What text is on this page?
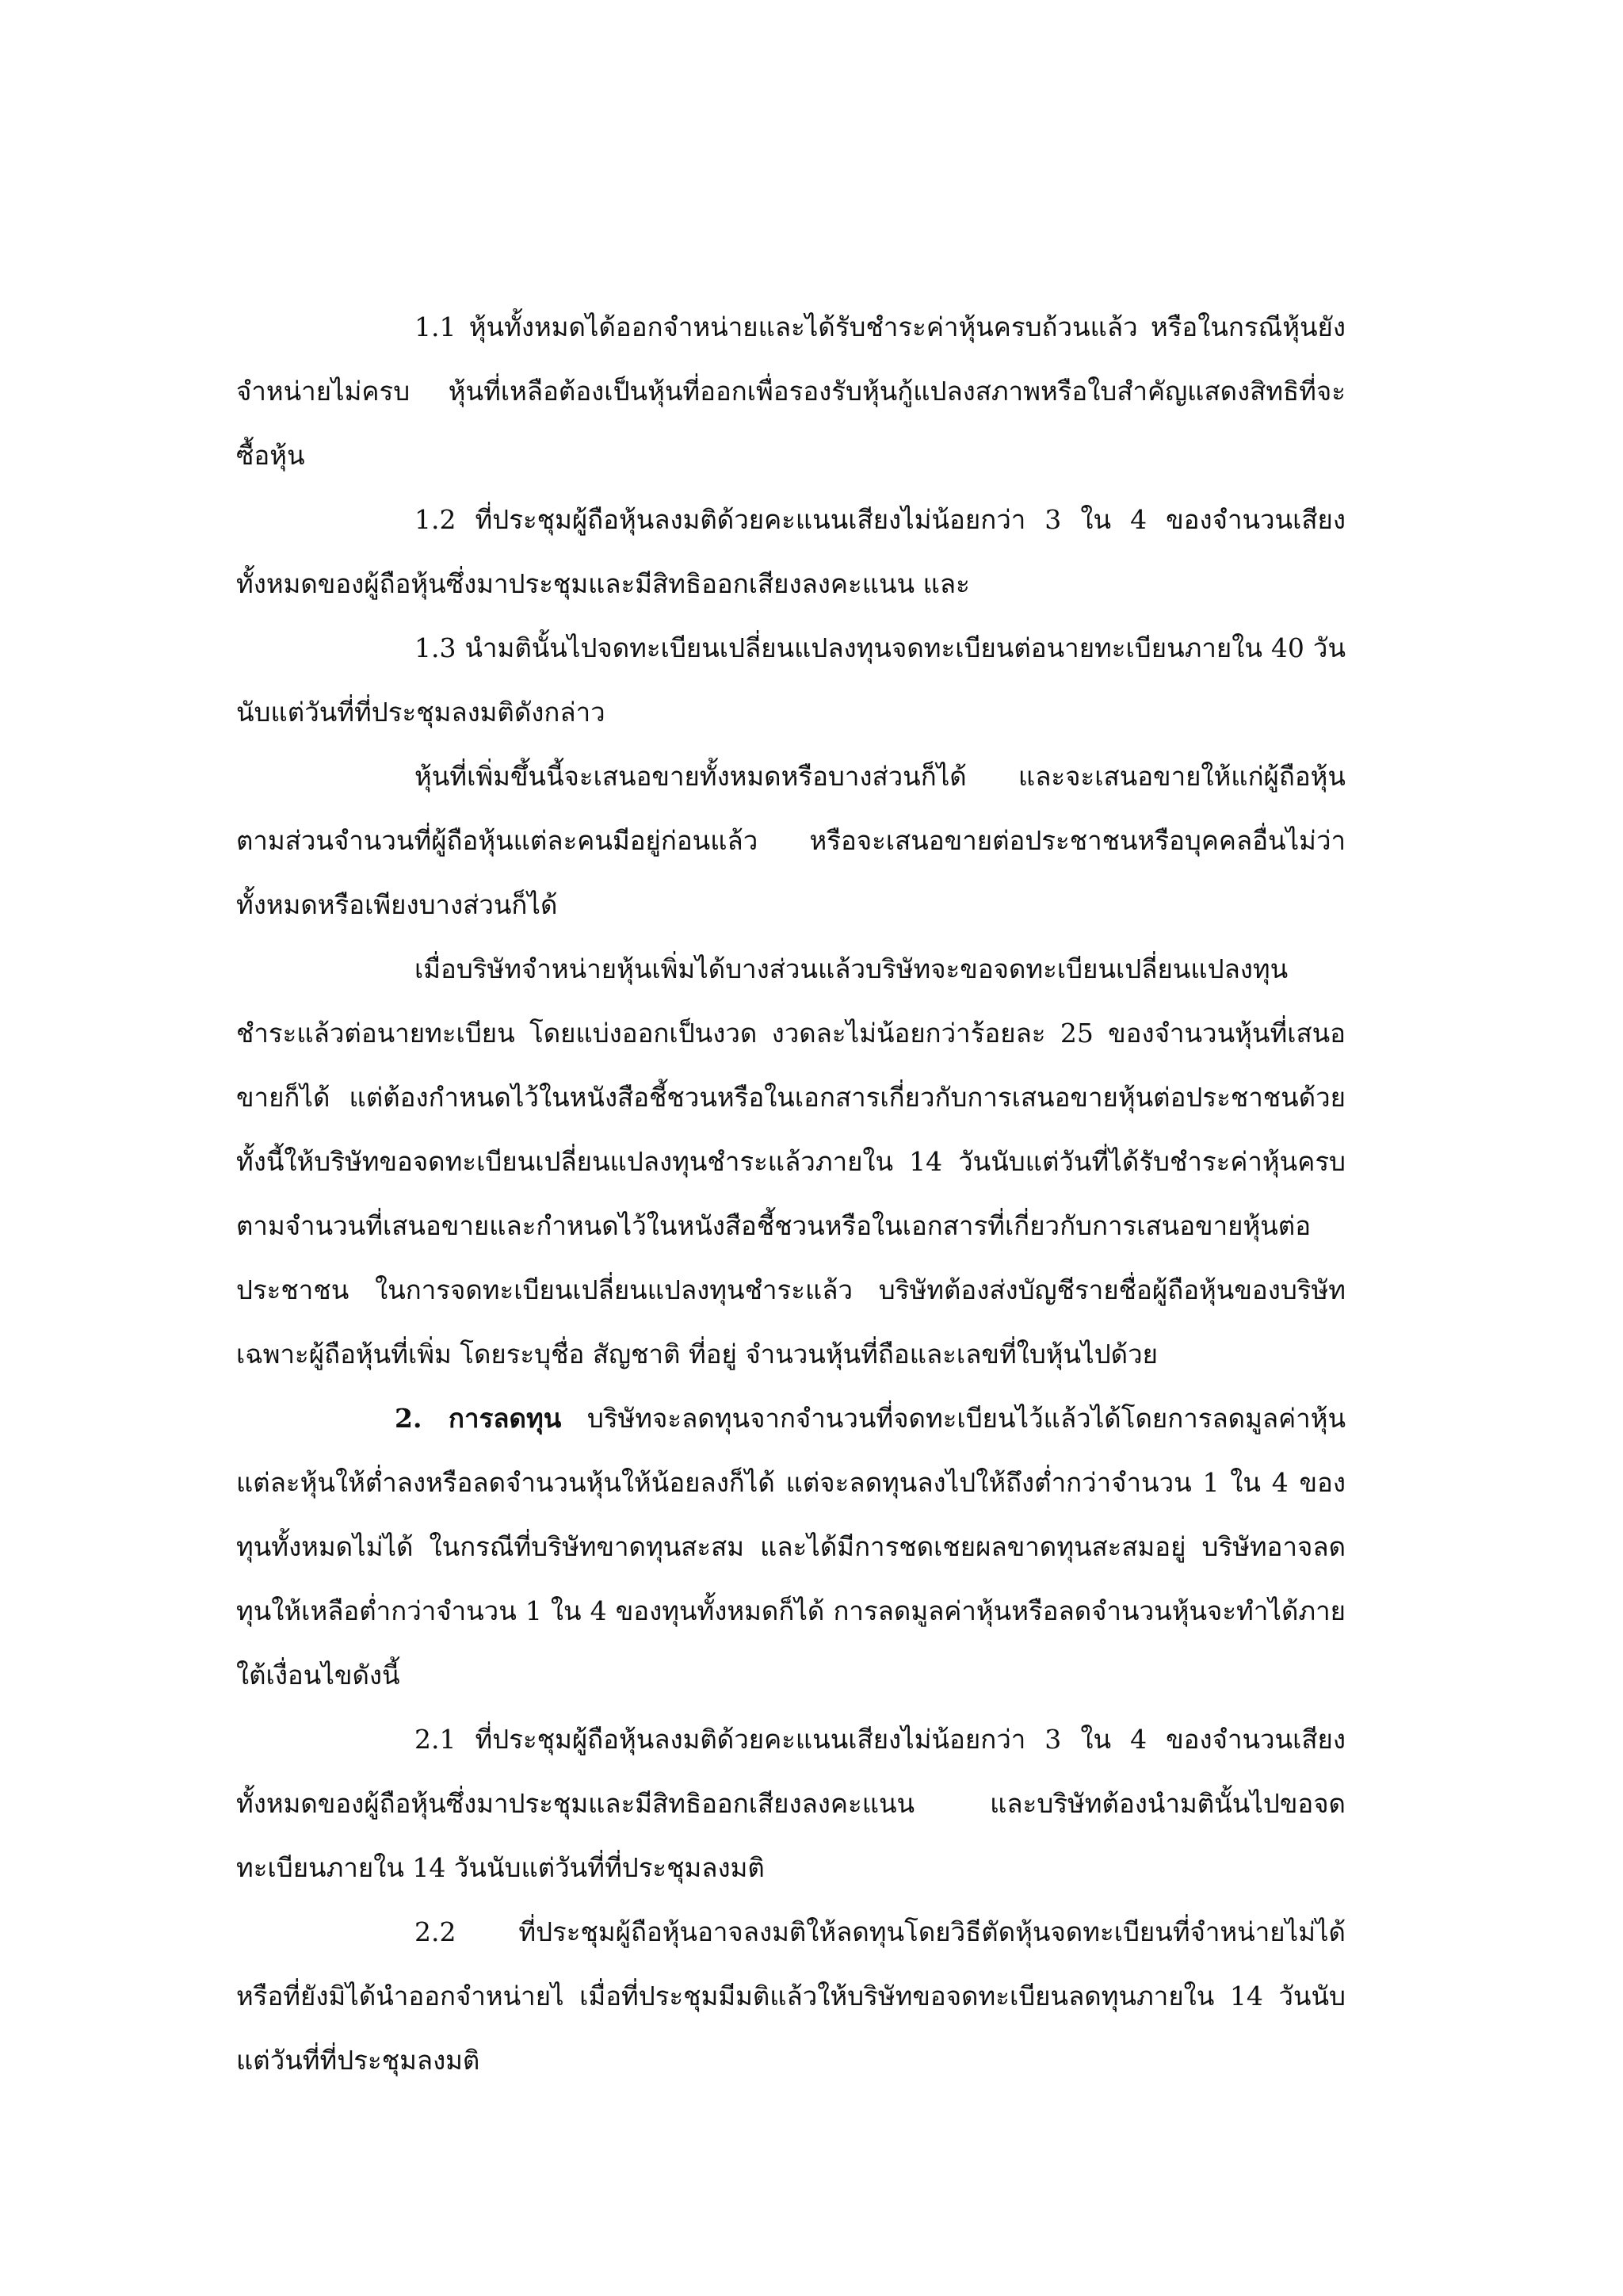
1.1 หุ้นทั้งหมดได้ออกจำหน่ายและได้รับชำระค่าหุ้นครบถ้วนแล้ว หรือในกรณีหุ้นยังจำหน่ายไม่ครบ หุ้นที่เหลือต้องเป็นหุ้นที่ออกเพื่อรองรับหุ้นกู้แปลงสภาพหรือใบสำคัญแสดงสิทธิที่จะซื้อหุ้น

1.2 ที่ประชุมผู้ถือหุ้นลงมติด้วยคะแนนเสียงไม่น้อยกว่า 3 ใน 4 ของจำนวนเสียงทั้งหมดของผู้ถือหุ้นซึ่งมาประชุมและมีสิทธิออกเสียงลงคะแนน และ

1.3 นำมตินั้นไปจดทะเบียนเปลี่ยนแปลงทุนจดทะเบียนต่อนายทะเบียนภายใน 40 วันนับแต่วันที่ที่ประชุมลงมติดังกล่าว

หุ้นที่เพิ่มขึ้นนี้จะเสนอขายทั้งหมดหรือบางส่วนก็ได้ และจะเสนอขายให้แก่ผู้ถือหุ้นตามส่วนจำนวนที่ผู้ถือหุ้นแต่ละคนมีอยู่ก่อนแล้ว หรือจะเสนอขายต่อประชาชนหรือบุคคลอื่นไม่ว่าทั้งหมดหรือเพียงบางส่วนก็ได้

เมื่อบริษัทจำหน่ายหุ้นเพิ่มได้บางส่วนแล้วบริษัทจะขอจดทะเบียนเปลี่ยนแปลงทุนชำระแล้วต่อนายทะเบียน โดยแบ่งออกเป็นงวด งวดละไม่น้อยกว่าร้อยละ 25 ของจำนวนหุ้นที่เสนอขายก็ได้ แต่ต้องกำหนดไว้ในหนังสือชี้ชวนหรือในเอกสารเกี่ยวกับการเสนอขายหุ้นต่อประชาชนด้วย ทั้งนี้ให้บริษัทขอจดทะเบียนเปลี่ยนแปลงทุนชำระแล้วภายใน 14 วันนับแต่วันที่ได้รับชำระค่าหุ้นครบตามจำนวนที่เสนอขายและกำหนดไว้ในหนังสือชี้ชวนหรือในเอกสารที่เกี่ยวกับการเสนอขายหุ้นต่อประชาชน ในการจดทะเบียนเปลี่ยนแปลงทุนชำระแล้ว บริษัทต้องส่งบัญชีรายชื่อผู้ถือหุ้นของบริษัทเฉพาะผู้ถือหุ้นที่เพิ่ม โดยระบุชื่อ สัญชาติ ที่อยู่ จำนวนหุ้นที่ถือและเลขที่ใบหุ้นไปด้วย

2. การลดทุน บริษัทจะลดทุนจากจำนวนที่จดทะเบียนไว้แล้วได้โดยการลดมูลค่าหุ้นแต่ละหุ้นให้ต่ำลงหรือลดจำนวนหุ้นให้น้อยลงก็ได้ แต่จะลดทุนลงไปให้ถึงต่ำกว่าจำนวน 1 ใน 4 ของทุนทั้งหมดไม่ได้ ในกรณีที่บริษัทขาดทุนสะสม และได้มีการชดเชยผลขาดทุนสะสมอยู่ บริษัทอาจลดทุนให้เหลือต่ำกว่าจำนวน 1 ใน 4 ของทุนทั้งหมดก็ได้ การลดมูลค่าหุ้นหรือลดจำนวนหุ้นจะทำได้ภายใต้เงื่อนไขดังนี้

2.1 ที่ประชุมผู้ถือหุ้นลงมติด้วยคะแนนเสียงไม่น้อยกว่า 3 ใน 4 ของจำนวนเสียงทั้งหมดของผู้ถือหุ้นซึ่งมาประชุมและมีสิทธิออกเสียงลงคะแนน และบริษัทต้องนำมตินั้นไปขอจดทะเบียนภายใน 14 วันนับแต่วันที่ที่ประชุมลงมติ

2.2 ที่ประชุมผู้ถือหุ้นอาจลงมติให้ลดทุนโดยวิธีตัดหุ้นจดทะเบียนที่จำหน่ายไม่ได้ หรือที่ยังมิได้นำออกจำหน่ายไ เมื่อที่ประชุมมีมติแล้วให้บริษัทขอจดทะเบียนลดทุนภายใน 14 วันนับแต่วันที่ที่ประชุมลงมติ
